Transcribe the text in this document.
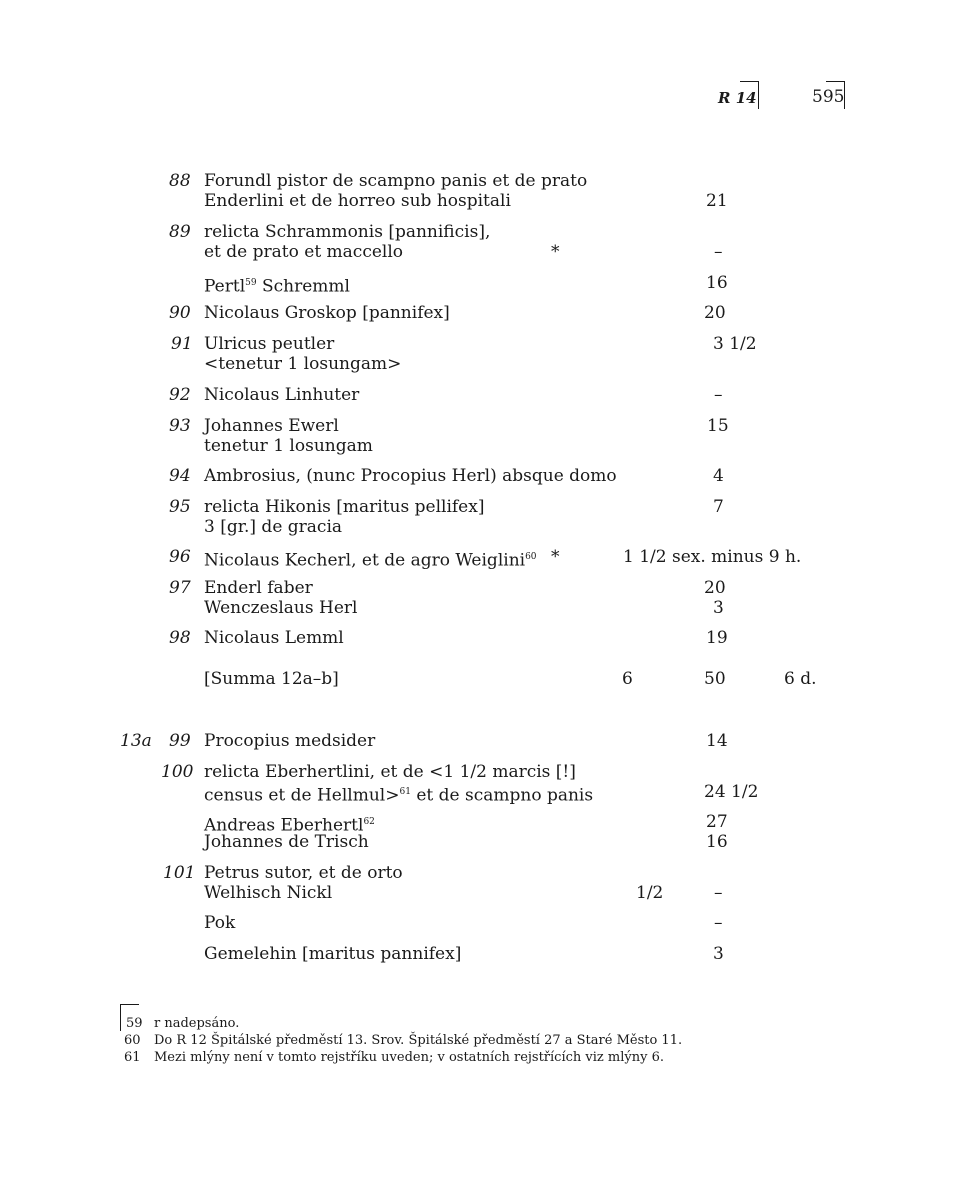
R 14	595
13a
88 Forundl pistor de scampno panis et de prato
Enderlini et de horreo sub hospitali	21
89 relicta Schrammonis [pannificis],
et de prato et maccello	*	–
Pertl$^{59}$ Schremml	16
90 Nicolaus Groskop [pannifex]	20
91 Ulricus peutler	3 1/2
<tenetur 1 losungam>
92 Nicolaus Linhuter	–
93 Johannes Ewerl	15
tenetur 1 losungam
94 Ambrosius, (nunc Procopius Herl) absque domo	4
95 relicta Hikonis [maritus pellifex]	7
3 [gr.] de gracia
96 Nicolaus Kecherl, et de agro Weiglini$^{60}$ *	1 1/2 sex. minus 9 h.
97 Enderl faber	20
Wenczeslaus Herl	3
98 Nicolaus Lemml	19
[Summa 12a–b]	6	50	6 d.
99 Procopius medsider	14
100 relicta Eberhertlini, et de <1 1/2 marcis [!]
census et de Hellmul>$^{61}$ et de scampno panis	24 1/2
Andreas Eberhertl$^{62}$	27
Johannes de Trisch	16
101 Petrus sutor, et de orto
Welhisch Nickl	1/2	–
Pok	–
Gemelehin [maritus pannifex]	3
59 r nadepsáno.
60 Do R 12 Špitálské předměstí 13. Srov. Špitálské předměstí 27 a Staré Město 11.
61 Mezi mlýny není v tomto rejstříku uveden; v ostatních rejstřících viz mlýny 6.
